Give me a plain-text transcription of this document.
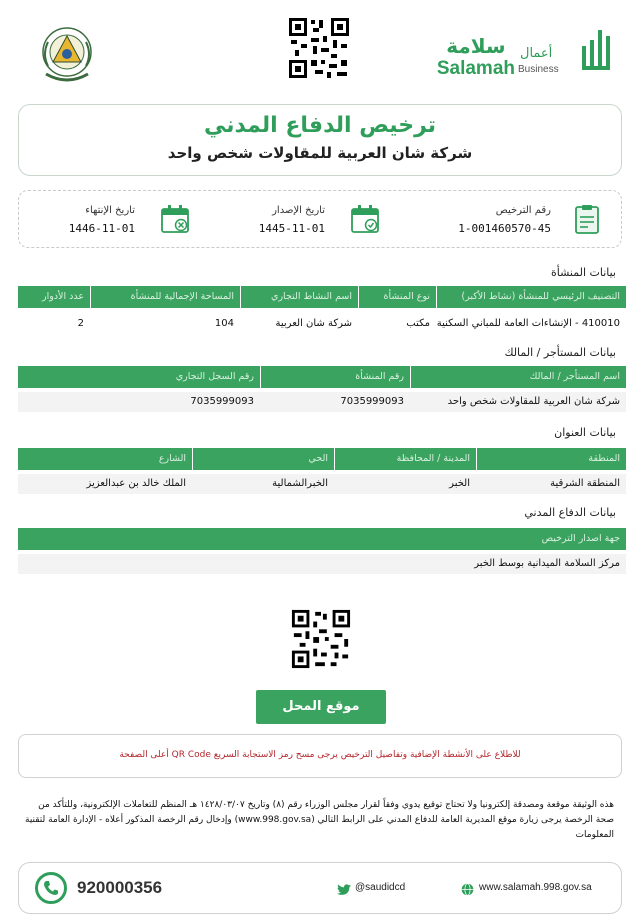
أعمال
Business
سلامة
Salamah
ترخيص الدفاع المدني
شركة شان العربية للمقاولات شخص واحد
رقم الترخيص
1-001460570-45
تاريخ الإصدار
1445-11-01
تاريخ الإنتهاء
1446-11-01
بيانات المنشأة
التصنيف الرئيسي للمنشأة (نشاط الأكبر)
نوع المنشأة
اسم النشاط التجاري
المساحة الإجمالية للمنشأة
عدد الأدوار
410010 - الإنشاءات العامة للمباني السكنية
مكتب
شركة شان العربية
104
2
بيانات المستأجر / المالك
اسم المستأجر / المالك
رقم المنشأة
رقم السجل التجاري
شركة شان العربية للمقاولات شخص واحد
7035999093
7035999093
بيانات العنوان
المنطقة
المدينة / المحافظة
الحي
الشارع
المنطقة الشرقية
الخبر
الخبرالشمالية
الملك خالد بن عبدالعزيز
بيانات الدفاع المدني
جهة اصدار الترخيص
مركز السلامة الميدانية بوسط الخبر
موقع المحل
للاطلاع على الأنشطة الإضافية وتفاصيل الترخيص يرجى مسح رمز الاستجابة السريع QR Code أعلى الصفحة
هذه الوثيقة موقعة ومصدقة إلكترونيا ولا تحتاج توقيع يدوي وفقاً لقرار مجلس الوزراء رقم (٨) وتاريخ ١٤٢٨/٠٣/٠٧ هـ المنظم للتعاملات الإلكترونية، وللتأكد من صحة الرخصة يرجى زيارة موقع المديرية العامة للدفاع المدني على الرابط التالي (www.998.gov.sa) وإدخال رقم الرخصة المذكور أعلاه - الإدارة العامة لتقنية المعلومات
920000356	@saudidcd	www.salamah.998.gov.sa
